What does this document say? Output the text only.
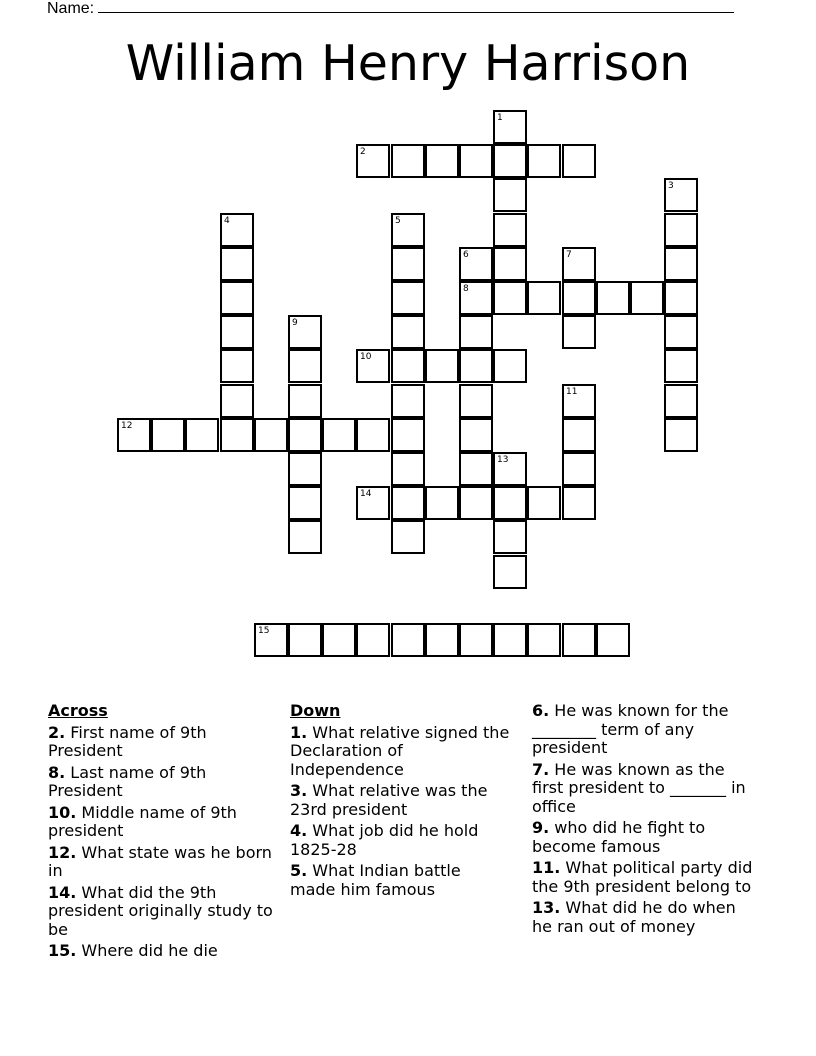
Name:
William Henry Harrison
1
2
3
4	5
6
8
7
9
10
11
12
13
14
15
Across
2. First name of 9th President
8. Last name of 9th President
10. Middle name of 9th president
12. What state was he born in
14. What did the 9th president originally study to be
15. Where did he die
Down
1. What relative signed the Declaration of Independence
3. What relative was the 23rd president
4. What job did he hold 1825-28
5. What Indian battle made him famous
6. He was known for the ________ term of any president
7. He was known as the first president to _______ in office
9. who did he fight to become famous
11. What political party did the 9th president belong to
13. What did he do when he ran out of money
